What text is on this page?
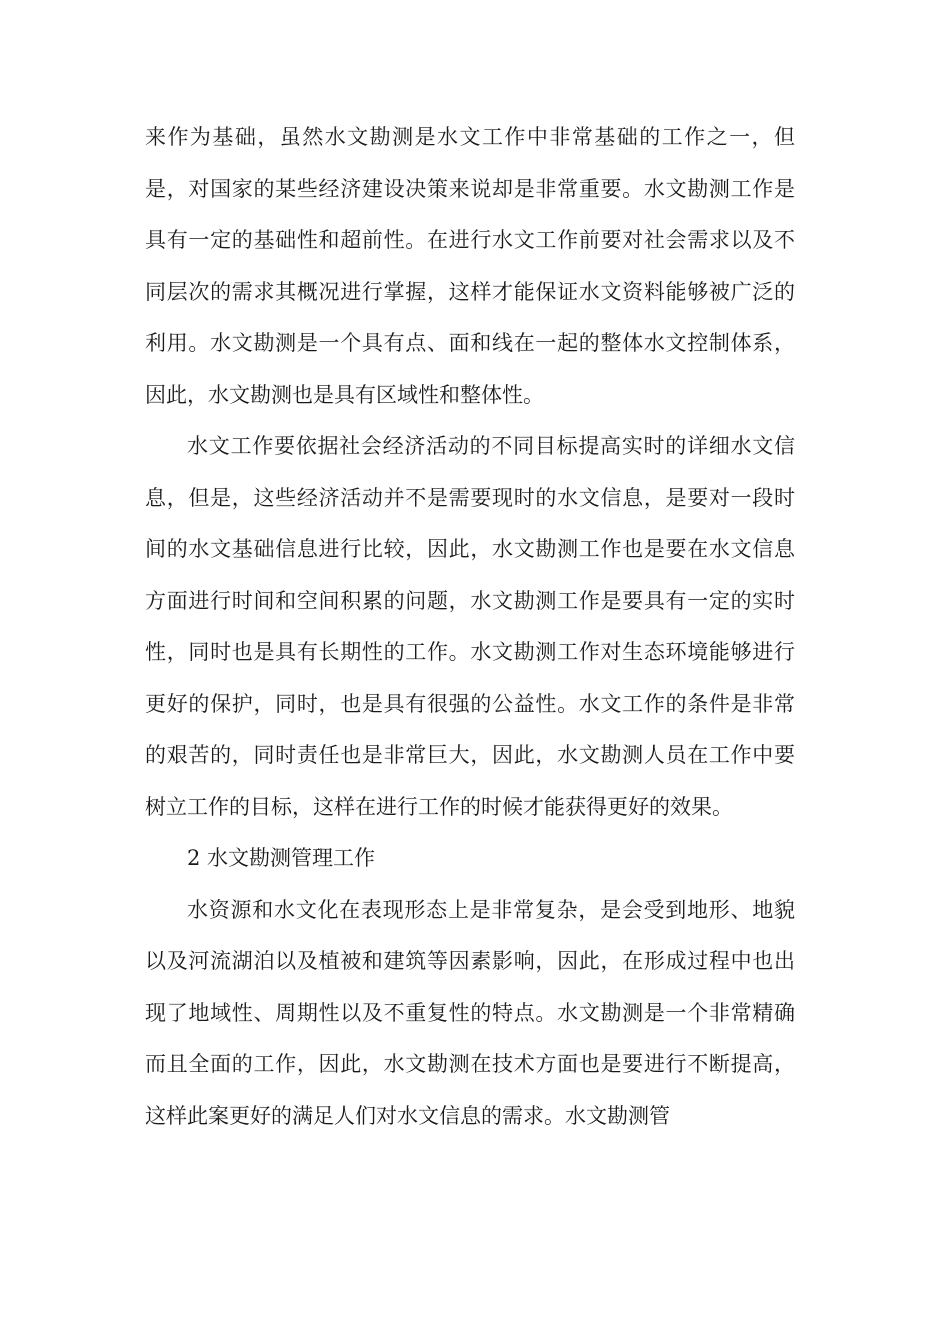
来作为基础，虽然水文勘测是水文工作中非常基础的工作之一，但是，对国家的某些经济建设决策来说却是非常重要。水文勘测工作是具有一定的基础性和超前性。在进行水文工作前要对社会需求以及不同层次的需求其概况进行掌握，这样才能保证水文资料能够被广泛的利用。水文勘测是一个具有点、面和线在一起的整体水文控制体系，因此，水文勘测也是具有区域性和整体性。

水文工作要依据社会经济活动的不同目标提高实时的详细水文信息，但是，这些经济活动并不是需要现时的水文信息，是要对一段时间的水文基础信息进行比较，因此，水文勘测工作也是要在水文信息方面进行时间和空间积累的问题，水文勘测工作是要具有一定的实时性，同时也是具有长期性的工作。水文勘测工作对生态环境能够进行更好的保护，同时，也是具有很强的公益性。水文工作的条件是非常的艰苦的，同时责任也是非常巨大，因此，水文勘测人员在工作中要树立工作的目标，这样在进行工作的时候才能获得更好的效果。

2 水文勘测管理工作

水资源和水文化在表现形态上是非常复杂，是会受到地形、地貌以及河流湖泊以及植被和建筑等因素影响，因此，在形成过程中也出现了地域性、周期性以及不重复性的特点。水文勘测是一个非常精确而且全面的工作，因此，水文勘测在技术方面也是要进行不断提高，这样此案更好的满足人们对水文信息的需求。水文勘测管
